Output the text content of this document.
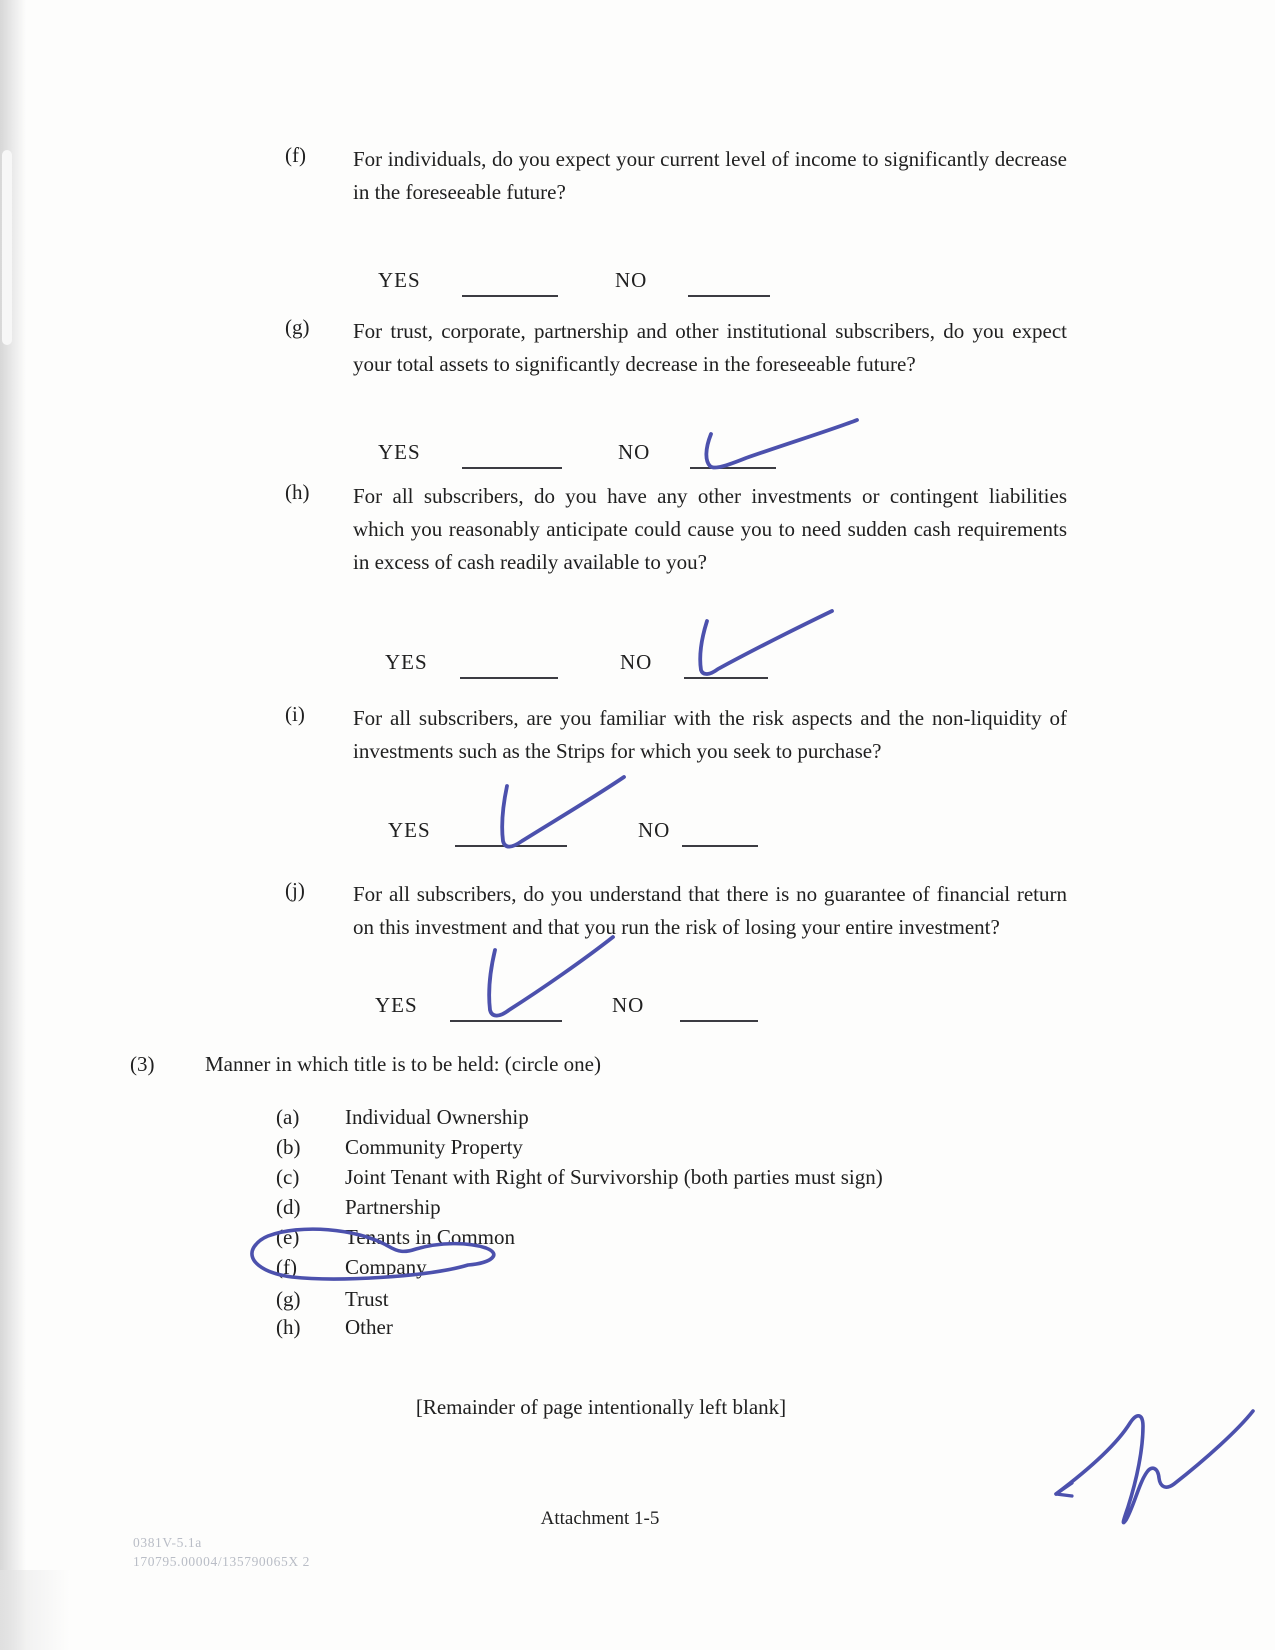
(f) For individuals, do you expect your current level of income to significantly decrease in the foreseeable future?

YES	NO
(g) For trust, corporate, partnership and other institutional subscribers, do you expect your total assets to significantly decrease in the foreseeable future?

YES	NO
(h) For all subscribers, do you have any other investments or contingent liabilities which you reasonably anticipate could cause you to need sudden cash requirements in excess of cash readily available to you?

YES	NO
(i) For all subscribers, are you familiar with the risk aspects and the non-liquidity of investments such as the Strips for which you seek to purchase?

YES	NO
(j) For all subscribers, do you understand that there is no guarantee of financial return on this investment and that you run the risk of losing your entire investment?

YES	NO
(3) Manner in which title is to be held: (circle one)
(a) Individual Ownership
(b) Community Property
(c) Joint Tenant with Right of Survivorship (both parties must sign)
(d) Partnership
(e) Tenants in Common
(f) Company
(g) Trust
(h) Other
[Remainder of page intentionally left blank]
Attachment 1-5
0381V-5.1a
170795.00004/135790065X 2
